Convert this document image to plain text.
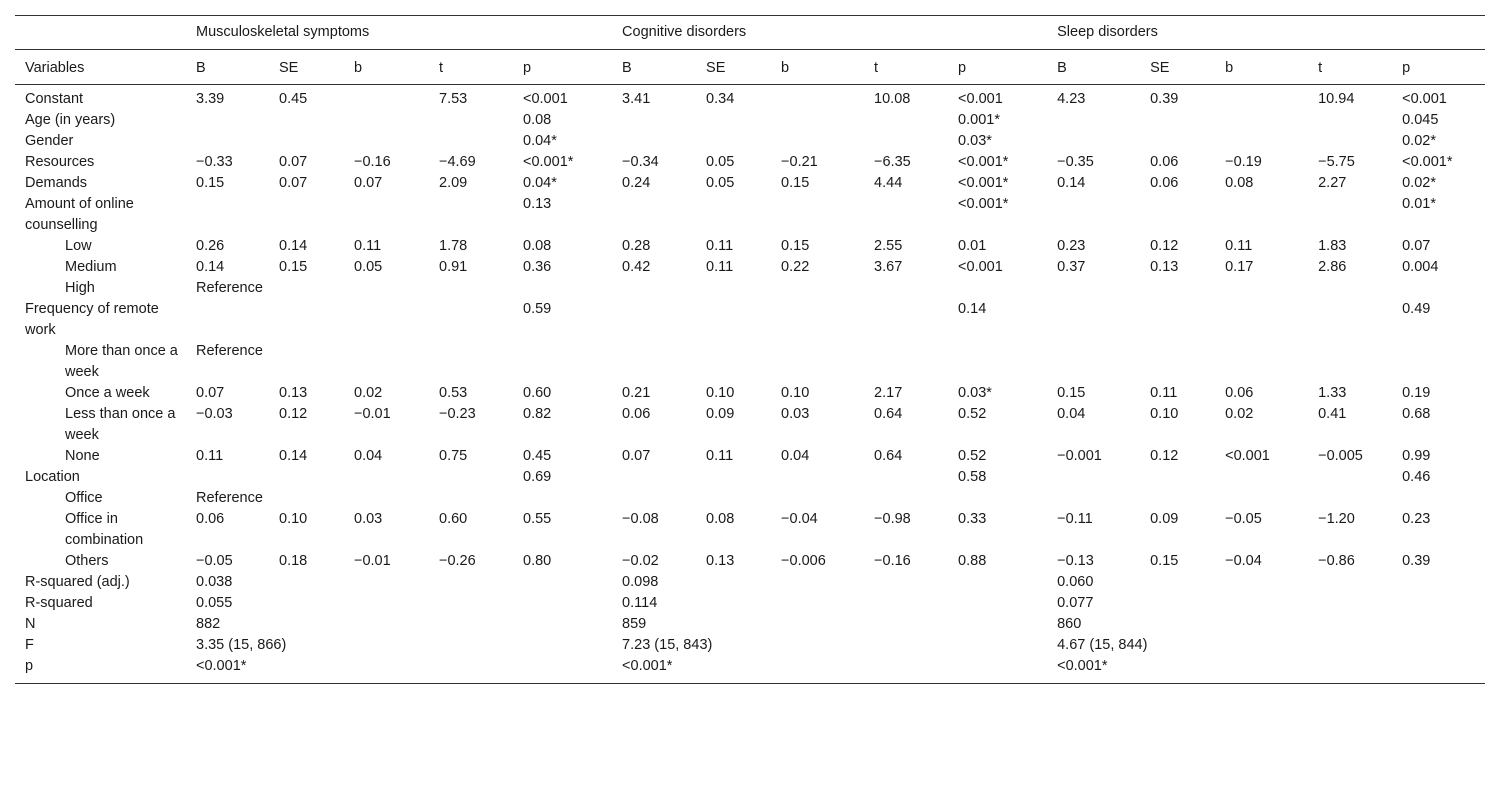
	Musculoskeletal symptoms					Cognitive disorders					Sleep disorders				
Variables	B	SE	b	t	p	B	SE	b	t	p	B	SE	b	t	p
Constant	3.39	0.45		7.53	<0.001	3.41	0.34		10.08	<0.001	4.23	0.39		10.94	<0.001
Age (in years)					0.08					0.001*					0.045
Gender					0.04*					0.03*					0.02*
Resources	−0.33	0.07	−0.16	−4.69	<0.001*	−0.34	0.05	−0.21	−6.35	<0.001*	−0.35	0.06	−0.19	−5.75	<0.001*
Demands	0.15	0.07	0.07	2.09	0.04*	0.24	0.05	0.15	4.44	<0.001*	0.14	0.06	0.08	2.27	0.02*
Amount of online counselling					0.13					<0.001*					0.01*
Low	0.26	0.14	0.11	1.78	0.08	0.28	0.11	0.15	2.55	0.01	0.23	0.12	0.11	1.83	0.07
Medium	0.14	0.15	0.05	0.91	0.36	0.42	0.11	0.22	3.67	<0.001	0.37	0.13	0.17	2.86	0.004
High	Reference														
Frequency of remote work					0.59					0.14					0.49
More than once a week	Reference														
Once a week	0.07	0.13	0.02	0.53	0.60	0.21	0.10	0.10	2.17	0.03*	0.15	0.11	0.06	1.33	0.19
Less than once a week	−0.03	0.12	−0.01	−0.23	0.82	0.06	0.09	0.03	0.64	0.52	0.04	0.10	0.02	0.41	0.68
None	0.11	0.14	0.04	0.75	0.45	0.07	0.11	0.04	0.64	0.52	−0.001	0.12	<0.001	−0.005	0.99
Location					0.69					0.58					0.46
Office	Reference														
Office in combination	0.06	0.10	0.03	0.60	0.55	−0.08	0.08	−0.04	−0.98	0.33	−0.11	0.09	−0.05	−1.20	0.23
Others	−0.05	0.18	−0.01	−0.26	0.80	−0.02	0.13	−0.006	−0.16	0.88	−0.13	0.15	−0.04	−0.86	0.39
R-squared (adj.)	0.038					0.098					0.060				
R-squared	0.055					0.114					0.077				
N	882					859					860				
F	3.35 (15, 866)					7.23 (15, 843)					4.67 (15, 844)				
p	<0.001*					<0.001*					<0.001*				
